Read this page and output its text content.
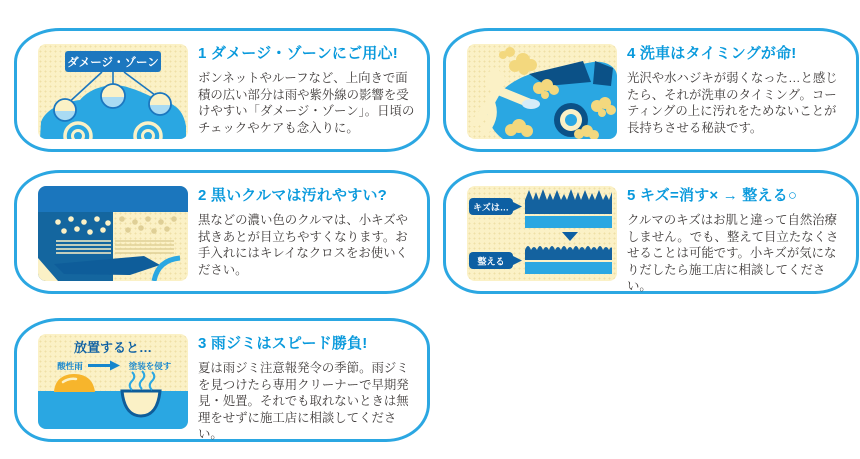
ダメージ・ゾーン
1 ダメージ・ゾーンにご用心!

ボンネットやルーフなど、上向きで面積の広い部分は雨や紫外線の影響を受けやすい「ダメージ・ゾーン」。日頃のチェックやケアも念入りに。

2 黒いクルマは汚れやすい?

黒などの濃い色のクルマは、小キズや拭きあとが目立ちやすくなります。お手入れにはキレイなクロスをお使いください。

放置すると…
酸性雨	塗装を侵す
3 雨ジミはスピード勝負!

夏は雨ジミ注意報発令の季節。雨ジミを見つけたら専用クリーナーで早期発見・処置。それでも取れないときは無理をせずに施工店に相談してください。

4 洗車はタイミングが命!

光沢や水ハジキが弱くなった…と感じたら、それが洗車のタイミング。コーティングの上に汚れをためないことが長持ちさせる秘訣です。

キズは…
整える
5 キズ=消す× → 整える○

クルマのキズはお肌と違って自然治療しません。でも、整えて目立たなくさせることは可能です。小キズが気になりだしたら施工店に相談してください。
